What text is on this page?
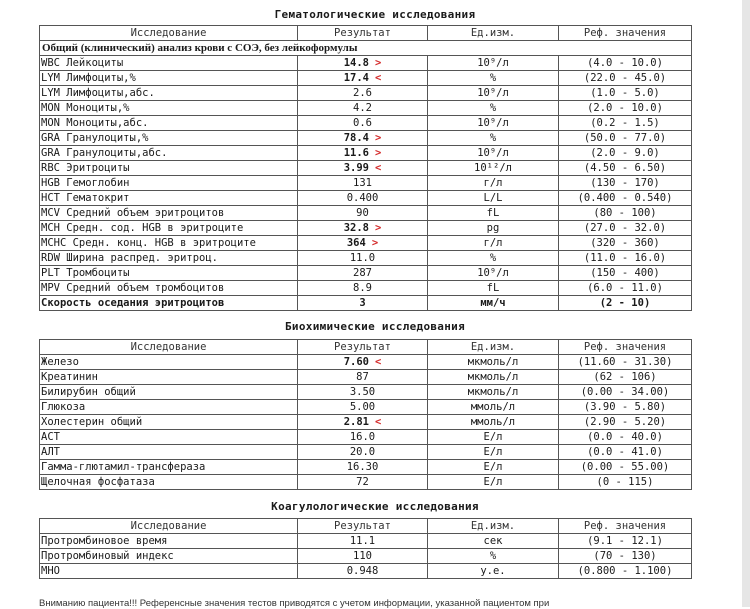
Гематологические исследования
Исследование	Результат	Ед.изм.	Реф. значения
Общий (клинический) анализ крови с СОЭ, без лейкоформулы			
WBC Лейкоциты	14.8 >	10⁹/л	(4.0 - 10.0)
LYM Лимфоциты,%	17.4 <	%	(22.0 - 45.0)
LYM Лимфоциты,абс.	2.6	10⁹/л	(1.0 - 5.0)
MON Моноциты,%	4.2	%	(2.0 - 10.0)
MON Моноциты,абс.	0.6	10⁹/л	(0.2 - 1.5)
GRA Гранулоциты,%	78.4 >	%	(50.0 - 77.0)
GRA Гранулоциты,абс.	11.6 >	10⁹/л	(2.0 - 9.0)
RBC Эритроциты	3.99 <	10¹²/л	(4.50 - 6.50)
HGB Гемоглобин	131	г/л	(130 - 170)
HCT Гематокрит	0.400	L/L	(0.400 - 0.540)
MCV Средний объем эритроцитов	90	fL	(80 - 100)
MCH Средн. сод. HGB в эритроците	32.8 >	pg	(27.0 - 32.0)
MCHC Средн. конц. HGB в эритроците	364 >	г/л	(320 - 360)
RDW Ширина распред. эритроц.	11.0	%	(11.0 - 16.0)
PLT Тромбоциты	287	10⁹/л	(150 - 400)
MPV Средний объем тромбоцитов	8.9	fL	(6.0 - 11.0)
Скорость оседания эритроцитов	3	мм/ч	(2 - 10)
Биохимические исследования
Исследование	Результат	Ед.изм.	Реф. значения
Железо	7.60 <	мкмоль/л	(11.60 - 31.30)
Креатинин	87	мкмоль/л	(62 - 106)
Билирубин общий	3.50	мкмоль/л	(0.00 - 34.00)
Глюкоза	5.00	ммоль/л	(3.90 - 5.80)
Холестерин общий	2.81 <	ммоль/л	(2.90 - 5.20)
АСТ	16.0	Е/л	(0.0 - 40.0)
АЛТ	20.0	Е/л	(0.0 - 41.0)
Гамма-глютамил-трансфераза	16.30	Е/л	(0.00 - 55.00)
Щелочная фосфатаза	72	Е/л	(0 - 115)
Коагулологические исследования
Исследование	Результат	Ед.изм.	Реф. значения
Протромбиновое время	11.1	сек	(9.1 - 12.1)
Протромбиновый индекс	110	%	(70 - 130)
МНО	0.948	у.е.	(0.800 - 1.100)
Вниманию пациента!!! Референсные значения тестов приводятся с учетом информации, указанной пациентом при
